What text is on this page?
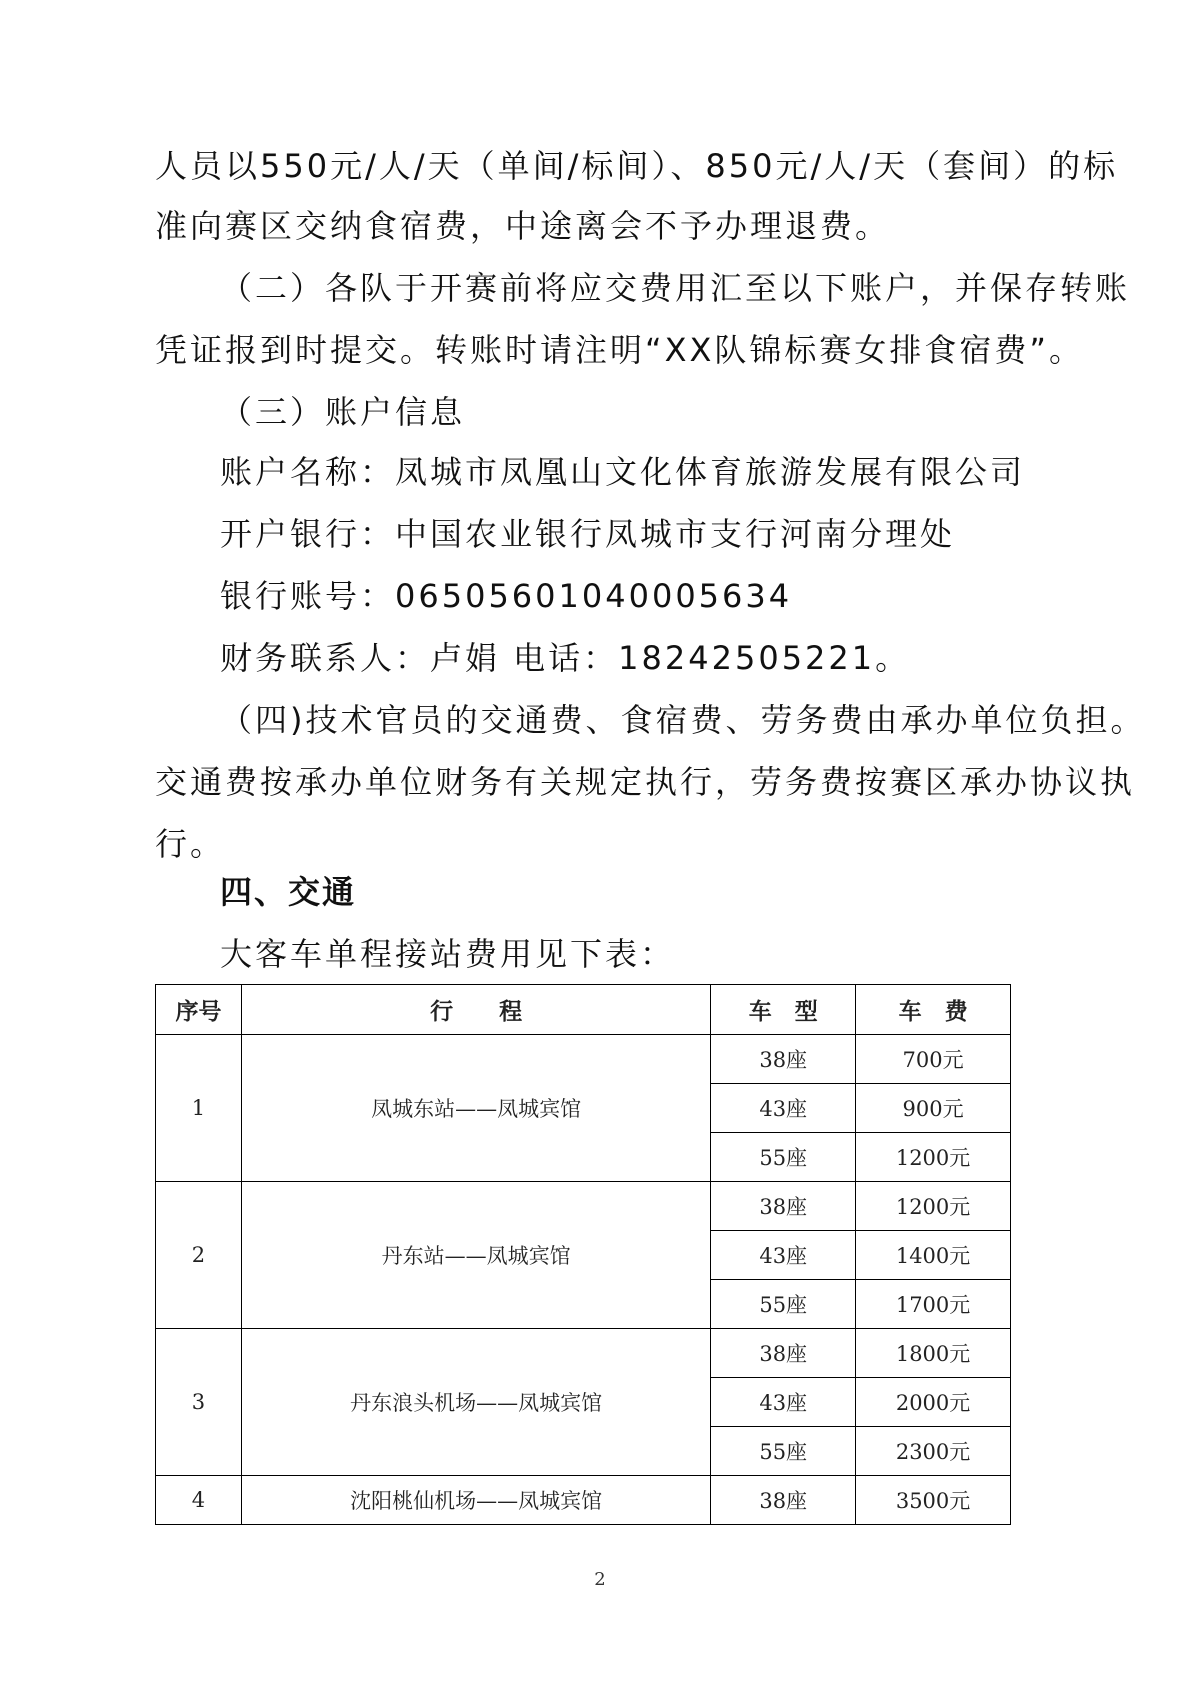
人员以550元/人/天（单间/标间）、850元/人/天（套间）的标
准向赛区交纳食宿费，中途离会不予办理退费。
（二）各队于开赛前将应交费用汇至以下账户，并保存转账
凭证报到时提交。转账时请注明“XX队锦标赛女排食宿费”。
（三）账户信息
账户名称：凤城市凤凰山文化体育旅游发展有限公司
开户银行：中国农业银行凤城市支行河南分理处
银行账号：06505601040005634
财务联系人：卢娟 电话：18242505221。
（四)技术官员的交通费、食宿费、劳务费由承办单位负担。
交通费按承办单位财务有关规定执行，劳务费按赛区承办协议执
行。
四、交通
大客车单程接站费用见下表：
序号	行　　程	车　型	车　费
1	凤城东站——凤城宾馆	38座	700元
		43座	900元
		55座	1200元
2	丹东站——凤城宾馆	38座	1200元
		43座	1400元
		55座	1700元
3	丹东浪头机场——凤城宾馆	38座	1800元
		43座	2000元
		55座	2300元
4	沈阳桃仙机场——凤城宾馆	38座	3500元
2
